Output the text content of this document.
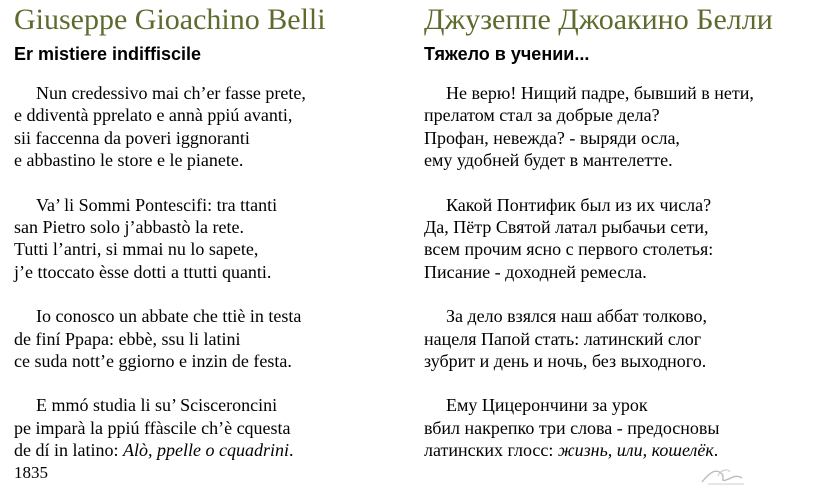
Giuseppe Gioachino Belli
Er mistiere indiffiscile
Nun credessivo mai ch’er fasse prete,
e ddiventà pprelato e annà ppiú avanti,
sii faccenna da poveri iggnoranti
e abbastino le store e le pianete.
Va’ li Sommi Pontescifi: tra ttanti
san Pietro solo j’abbastò la rete.
Tutti l’antri, si mmai nu lo sapete,
j’e ttoccato èsse dotti a ttutti quanti.
Io conosco un abbate che ttiè in testa
de finí Ppapa: ebbè, ssu li latini
ce suda nott’e ggiorno e inzin de festa.
E mmó studia li su’ Scisceroncini
pe imparà la ppiú ffàscile ch’è cquesta
de dí in latino: Alò, ppelle o cquadrini.
1835
Джузеппе Джоакино Белли
Тяжело в учении...
Не верю! Нищий падре, бывший в нети,
прелатом стал за добрые дела?
Профан, невежда? - выряди осла,
ему удобней будет в мантелетте.
Какой Понтифик был из их числа?
Да, Пётр Святой латал рыбачьи сети,
всем прочим ясно с первого столетья:
Писание - доходней ремесла.
За дело взялся наш аббат толково,
нацеля Папой стать: латинский слог
зубрит и день и ночь, без выходного.
Ему Цицерончини за урок
вбил накрепко три слова - предосновы
латинских глосс: жизнь, или, кошелёк.
